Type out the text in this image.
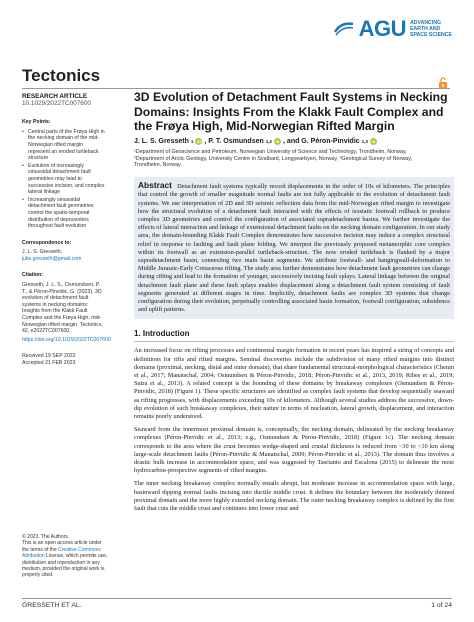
AGU ADVANCING
EARTH AND
SPACE SCIENCE
Tectonics
RESEARCH ARTICLE
10.1029/2022TC007600
Key Points:
• Central parts of the Frøya High in the necking domain of the mid-Norwegian rifted margin represent an eroded turtleback structure
• Evolution of increasingly sinusoidal detachment fault geometries may lead to successive incision, and complex lateral linkage
• Increasingly sinusoidal detachment fault geometries control the spatio-temporal distribution of depocenters throughout fault evolution
Correspondence to:
J. L. S. Gresseth,
julie.gresseth@gmail.com
Citation:
Gresseth, J. L. S., Osmundsen, P. T., & Péron-Pinvidic, G. (2023). 3D evolution of detachment fault systems in necking domains: Insights from the Klakk Fault Complex and the Frøya High, mid-Norwegian rifted margin. Tectonics, 42, e2022TC007600.
https://doi.org/10.1029/2022TC007600
Received 19 SEP 2022
Accepted 21 FEB 2023
© 2023. The Authors.
This is an open access article under the terms of the Creative Commons Attribution License, which permits use, distribution and reproduction in any medium, provided the original work is properly cited.
3D Evolution of Detachment Fault Systems in Necking Domains: Insights From the Klakk Fault Complex and the Frøya High, Mid-Norwegian Rifted Margin
J. L. S. Gresseth 1 iD , P. T. Osmundsen 1,2 iD , and G. Péron-Pinvidic 1,3 iD
¹Department of Geoscience and Petroleum, Norwegian University of Science and Technology, Trondheim, Norway,
²Department of Arctic Geology, University Centre in Svalbard, Longyearbyen, Norway, ³Geological Survey of Norway,
Trondheim, Norway
Abstract Detachment fault systems typically record displacements in the order of 10s of kilometers. The principles that control the growth of smaller magnitude normal faults are not fully applicable to the evolution of detachment fault systems. We use interpretation of 2D and 3D seismic reflection data from the mid-Norwegian rifted margin to investigate how the structural evolution of a detachment fault interacted with the effects of isostatic footwall rollback to produce complex 3D geometries and control the configuration of associated supradetachment basins. We further investigate the effects of lateral interaction and linkage of extensional detachment faults on the necking domain configuration. In our study area, the domain-bounding Klakk Fault Complex demonstrates how successive incision may induce a complex structural relief in response to faulting and fault plane folding. We interpret the previously proposed metamorphic core complex within its footwall as an extension-parallel turtleback-structure. The now eroded turtleback is flanked by a major supradetachment basin, connecting two main basin segments. We attribute footwall- and hangingwall-deformation to Middle Jurassic-Early Cretaceous rifting. The study area further demonstrates how detachment fault geometries can change during rifting and lead to the formation of younger, successively incising fault splays. Lateral linkage between the original detachment fault plane and these fault splays enables displacement along a detachment fault system consisting of fault segments generated at different stages in time. Implicitly, detachment faults are complex 3D systems that change configuration during their evolution, perpetually controlling associated basin formation, footwall configuration, subsidence and uplift patterns.
1. Introduction

An increased focus on rifting processes and continental margin formation in recent years has inspired a string of concepts and definitions for rifts and rifted margins. Seminal discoveries include the subdivision of many rifted margins into distinct domains (proximal, necking, distal and outer domain), that share fundamental structural-morphological characteristics (Chenin et al., 2017; Manatschal, 2004; Osmundsen & Péron-Pinvidic, 2018; Péron-Pinvidic et al., 2013, 2019; Ribes et al., 2019; Sutra et al., 2013). A related concept is the bounding of these domains by breakaway complexes (Osmundsen & Péron-Pinvidic, 2018) (Figure 1). These specific structures are identified as complex fault systems that develop sequentially seaward as rifting progresses, with displacements exceeding 10s of kilometers. Although several studies address the successive, down-dip evolution of such breakaway complexes, their nature in terms of nucleation, lateral growth, displacement, and interaction remains poorly understood.

Seaward from the innermost proximal domain is, conceptually, the necking domain, delineated by the necking breakaway complexes (Péron-Pinvidic et al., 2013; e.g., Osmundsen & Péron-Pinvidic, 2018) (Figure 1c). The necking domain corresponds to the area where the crust becomes wedge-shaped and crustal thickness is reduced from ~30 to <10 km along large-scale detachment faults (Péron-Pinvidic & Manatschal, 2009; Péron-Pinvidic et al., 2013). The domain thus involves a drastic bulk increase in accommodation space, and was suggested by Tasrianto and Escalona (2015) to delineate the most hydrocarbon-prospective segments of rifted margins.

The inner necking breakaway complex normally entails abrupt, but moderate increase in accommodation space with large, basinward dipping normal faults incising into ductile middle crust. It defines the boundary between the moderately thinned proximal domain and the more highly extended necking domain. The outer necking breakaway complex is defined by the first fault that cuts the middle crust and continues into lower crust and

GRESSETH ET AL.	1 of 24
